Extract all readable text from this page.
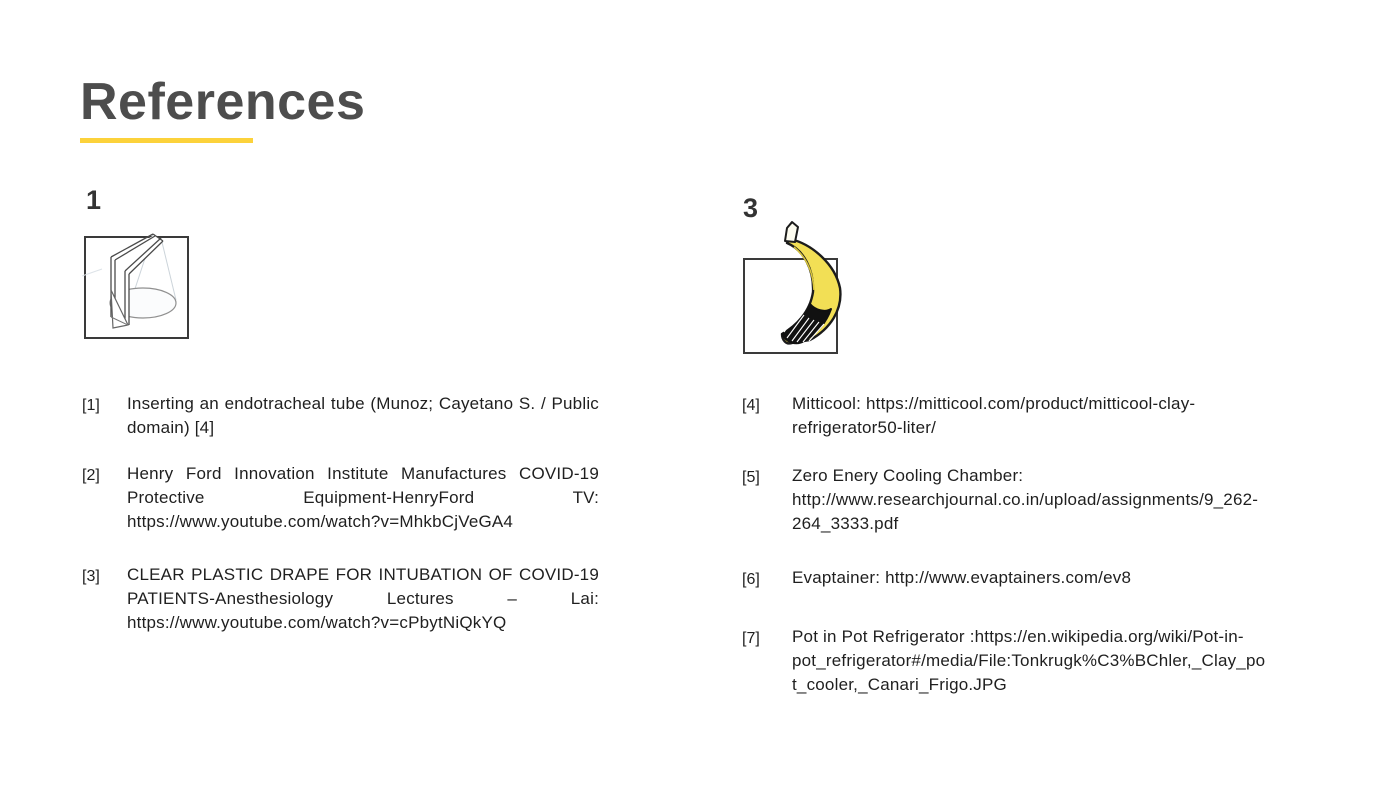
References
1	3
[1]	Inserting an endotracheal tube (Munoz; Cayetano S. / Public domain) [4]

[2]	Henry Ford Innovation Institute Manufactures COVID-19 Protective Equipment-HenryFord TV: https://www.youtube.com/watch?v=MhkbCjVeGA4

[3]	CLEAR PLASTIC DRAPE FOR INTUBATION OF COVID-19 PATIENTS-Anesthesiology Lectures – Lai: https://www.youtube.com/watch?v=cPbytNiQkYQ

[4]	Mitticool: https://mitticool.com/product/mitticool-clay-refrigerator50-liter/

[5]	Zero Enery Cooling Chamber: http://www.researchjournal.co.in/upload/assignments/9_262-264_3333.pdf

[6]	Evaptainer: http://www.evaptainers.com/ev8

[7]	Pot in Pot Refrigerator :https://en.wikipedia.org/wiki/Pot-in-pot_refrigerator#/media/File:Tonkrugk%C3%BChler,_Clay_pot_cooler,_Canari_Frigo.JPG
